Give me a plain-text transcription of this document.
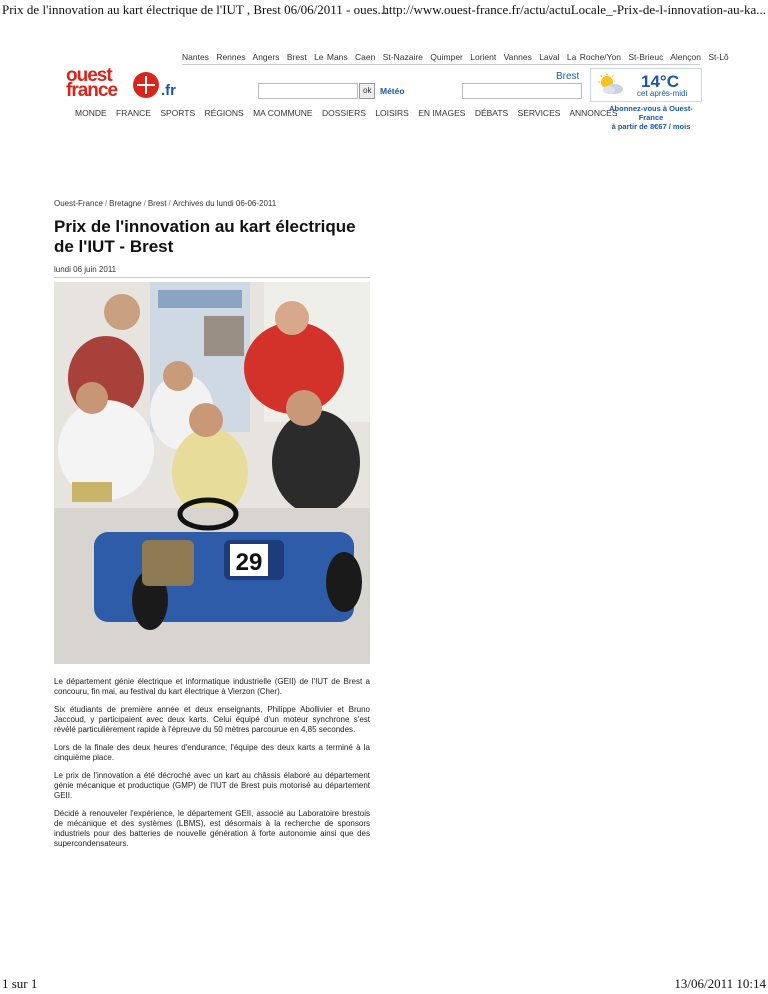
Prix de l'innovation au kart électrique de l'IUT , Brest 06/06/2011 - oues...
http://www.ouest-france.fr/actu/actuLocale_-Prix-de-l-innovation-au-ka...
Nantes Rennes Angers Brest Le Mans Caen St-Nazaire Quimper Lorient Vannes Laval La Roche/Yon St-Brieuc Alençon St-Lô
ouest
france	.fr	ok	Météo
Brest	14°C
cet après-midi
MONDE FRANCE SPORTS RÉGIONS MA COMMUNE DOSSIERS LOISIRS EN IMAGES DÉBATS SERVICES ANNONCES
Abonnez-vous à Ouest-France
à partir de 8€67 / mois
Ouest-France / Bretagne / Brest / Archives du lundi 06-06-2011
Prix de l'innovation au kart électrique de l'IUT - Brest
lundi 06 juin 2011
29

Le département génie électrique et informatique industrielle (GEII) de l'IUT de Brest a concouru, fin mai, au festival du kart électrique à Vierzon (Cher).

Six étudiants de première année et deux enseignants, Philippe Abollivier et Bruno Jaccoud, y participaient avec deux karts. Celui équipé d'un moteur synchrone s'est révélé particulièrement rapide à l'épreuve du 50 mètres parcourue en 4,85 secondes.

Lors de la finale des deux heures d'endurance, l'équipe des deux karts a terminé à la cinquième place.

Le prix de l'innovation a été décroché avec un kart au châssis élaboré au département génie mécanique et productique (GMP) de l'IUT de Brest puis motorisé au département GEII.

Décidé à renouveler l'expérience, le département GEII, associé au Laboratoire brestois de mécanique et des systèmes (LBMS), est désormais à la recherche de sponsors industriels pour des batteries de nouvelle génération à forte autonomie ainsi que des supercondensateurs.

1 sur 1	13/06/2011 10:14
